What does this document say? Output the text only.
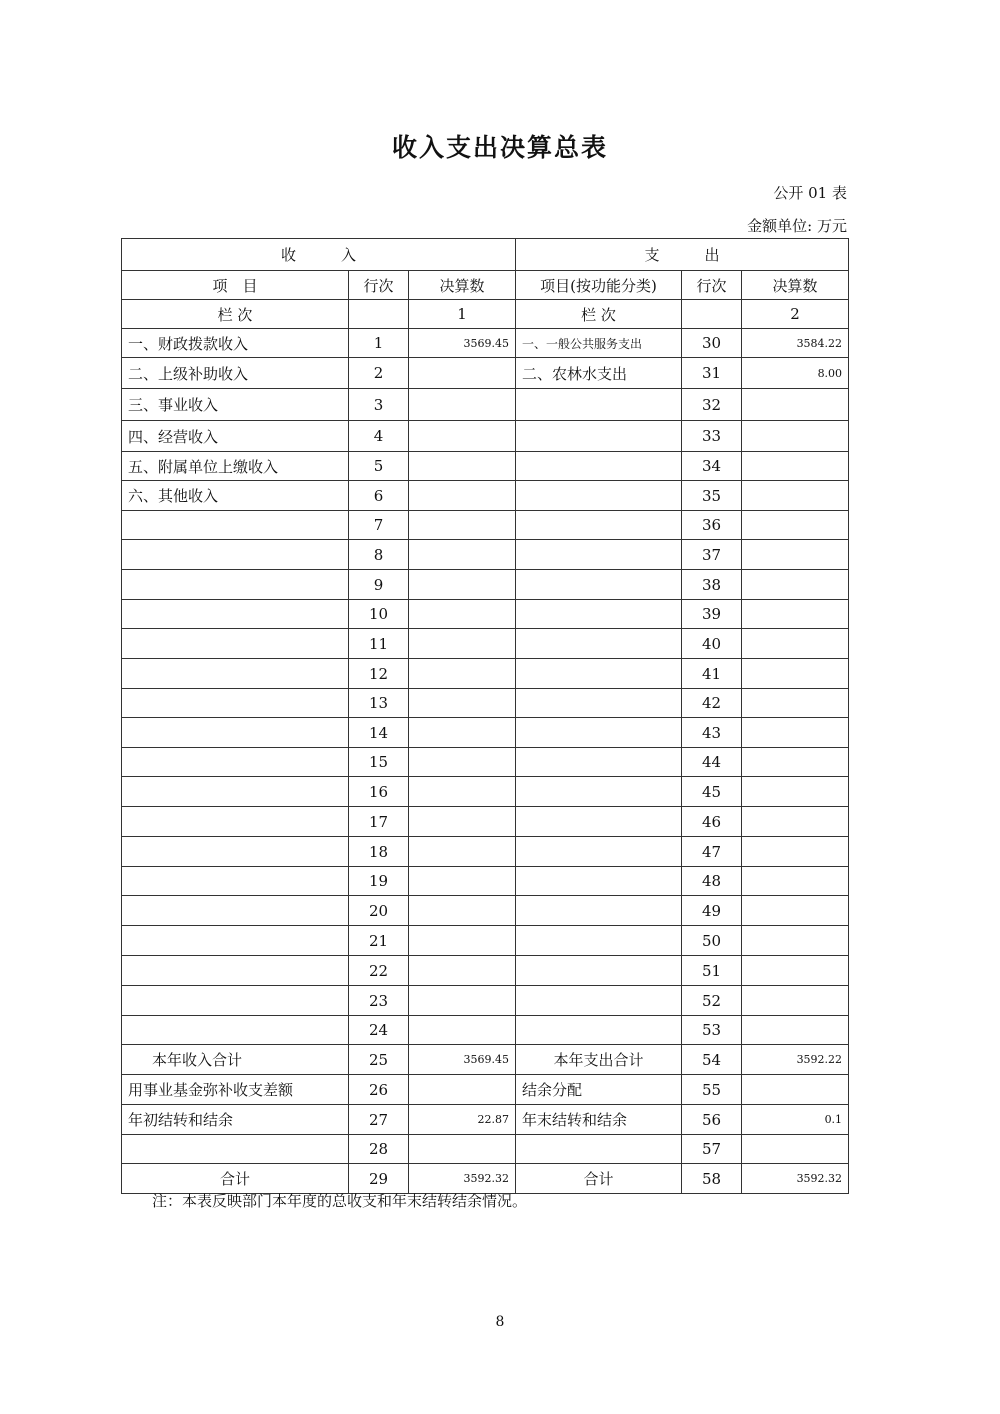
收入支出决算总表
公开 01 表
金额单位: 万元
收　　　入			支　　　出		
项　目	行次	决算数	项目(按功能分类)	行次	决算数
栏 次		1	栏 次		2
一、财政拨款收入	1	3569.45	一、一般公共服务支出	30	3584.22
二、上级补助收入	2		二、农林水支出	31	8.00
三、事业收入	3			32	
四、经营收入	4			33	
五、附属单位上缴收入	5			34	
六、其他收入	6			35	
	7			36	
	8			37	
	9			38	
	10			39	
	11			40	
	12			41	
	13			42	
	14			43	
	15			44	
	16			45	
	17			46	
	18			47	
	19			48	
	20			49	
	21			50	
	22			51	
	23			52	
	24			53	
本年收入合计	25	3569.45	本年支出合计	54	3592.22
用事业基金弥补收支差额	26		结余分配	55	
年初结转和结余	27	22.87	年末结转和结余	56	0.1
	28			57	
合计	29	3592.32	合计	58	3592.32
注：本表反映部门本年度的总收支和年末结转结余情况。
8
